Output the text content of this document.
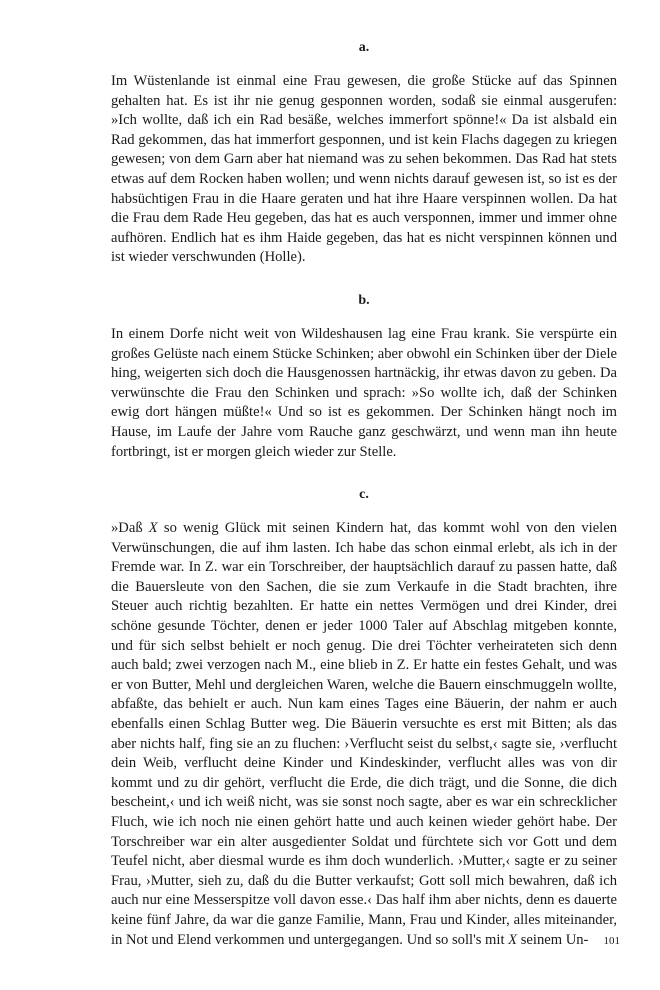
a.

Im Wüstenlande ist einmal eine Frau gewesen, die große Stücke auf das Spinnen gehalten hat. Es ist ihr nie genug gesponnen worden, sodaß sie einmal ausgerufen: »Ich wollte, daß ich ein Rad besäße, welches immerfort spönne!« Da ist alsbald ein Rad gekommen, das hat immerfort gesponnen, und ist kein Flachs dagegen zu kriegen gewesen; von dem Garn aber hat niemand was zu sehen bekommen. Das Rad hat stets etwas auf dem Rocken haben wollen; und wenn nichts darauf gewesen ist, so ist es der habsüchtigen Frau in die Haare geraten und hat ihre Haare verspinnen wollen. Da hat die Frau dem Rade Heu gegeben, das hat es auch versponnen, immer und immer ohne aufhören. Endlich hat es ihm Haide gegeben, das hat es nicht verspinnen können und ist wieder verschwunden (Holle).

b.

In einem Dorfe nicht weit von Wildeshausen lag eine Frau krank. Sie verspürte ein großes Gelüste nach einem Stücke Schinken; aber obwohl ein Schinken über der Diele hing, weigerten sich doch die Hausgenossen hartnäckig, ihr etwas davon zu geben. Da verwünschte die Frau den Schinken und sprach: »So wollte ich, daß der Schinken ewig dort hängen müßte!« Und so ist es gekommen. Der Schinken hängt noch im Hause, im Laufe der Jahre vom Rauche ganz geschwärzt, und wenn man ihn heute fortbringt, ist er morgen gleich wieder zur Stelle.

c.

»Daß X so wenig Glück mit seinen Kindern hat, das kommt wohl von den vielen Verwünschungen, die auf ihm lasten. Ich habe das schon einmal erlebt, als ich in der Fremde war. In Z. war ein Torschreiber, der hauptsächlich darauf zu passen hatte, daß die Bauersleute von den Sachen, die sie zum Verkaufe in die Stadt brachten, ihre Steuer auch richtig bezahlten. Er hatte ein nettes Vermögen und drei Kinder, drei schöne gesunde Töchter, denen er jeder 1000 Taler auf Abschlag mitgeben konnte, und für sich selbst behielt er noch genug. Die drei Töchter verheirateten sich denn auch bald; zwei verzogen nach M., eine blieb in Z. Er hatte ein festes Gehalt, und was er von Butter, Mehl und dergleichen Waren, welche die Bauern einschmuggeln wollte, abfaßte, das behielt er auch. Nun kam eines Tages eine Bäuerin, der nahm er auch ebenfalls einen Schlag Butter weg. Die Bäuerin versuchte es erst mit Bitten; als das aber nichts half, fing sie an zu fluchen: ›Verflucht seist du selbst,‹ sagte sie, ›verflucht dein Weib, verflucht deine Kinder und Kindeskinder, verflucht alles was von dir kommt und zu dir gehört, verflucht die Erde, die dich trägt, und die Sonne, die dich bescheint,‹ und ich weiß nicht, was sie sonst noch sagte, aber es war ein schrecklicher Fluch, wie ich noch nie einen gehört hatte und auch keinen wieder gehört habe. Der Torschreiber war ein alter ausgedienter Soldat und fürchtete sich vor Gott und dem Teufel nicht, aber diesmal wurde es ihm doch wunderlich. ›Mutter,‹ sagte er zu seiner Frau, ›Mutter, sieh zu, daß du die Butter verkaufst; Gott soll mich bewahren, daß ich auch nur eine Messerspitze voll davon esse.‹ Das half ihm aber nichts, denn es dauerte keine fünf Jahre, da war die ganze Familie, Mann, Frau und Kinder, alles miteinander, in Not und Elend verkommen und untergegangen. Und so soll's mit X seinem Un-	101
